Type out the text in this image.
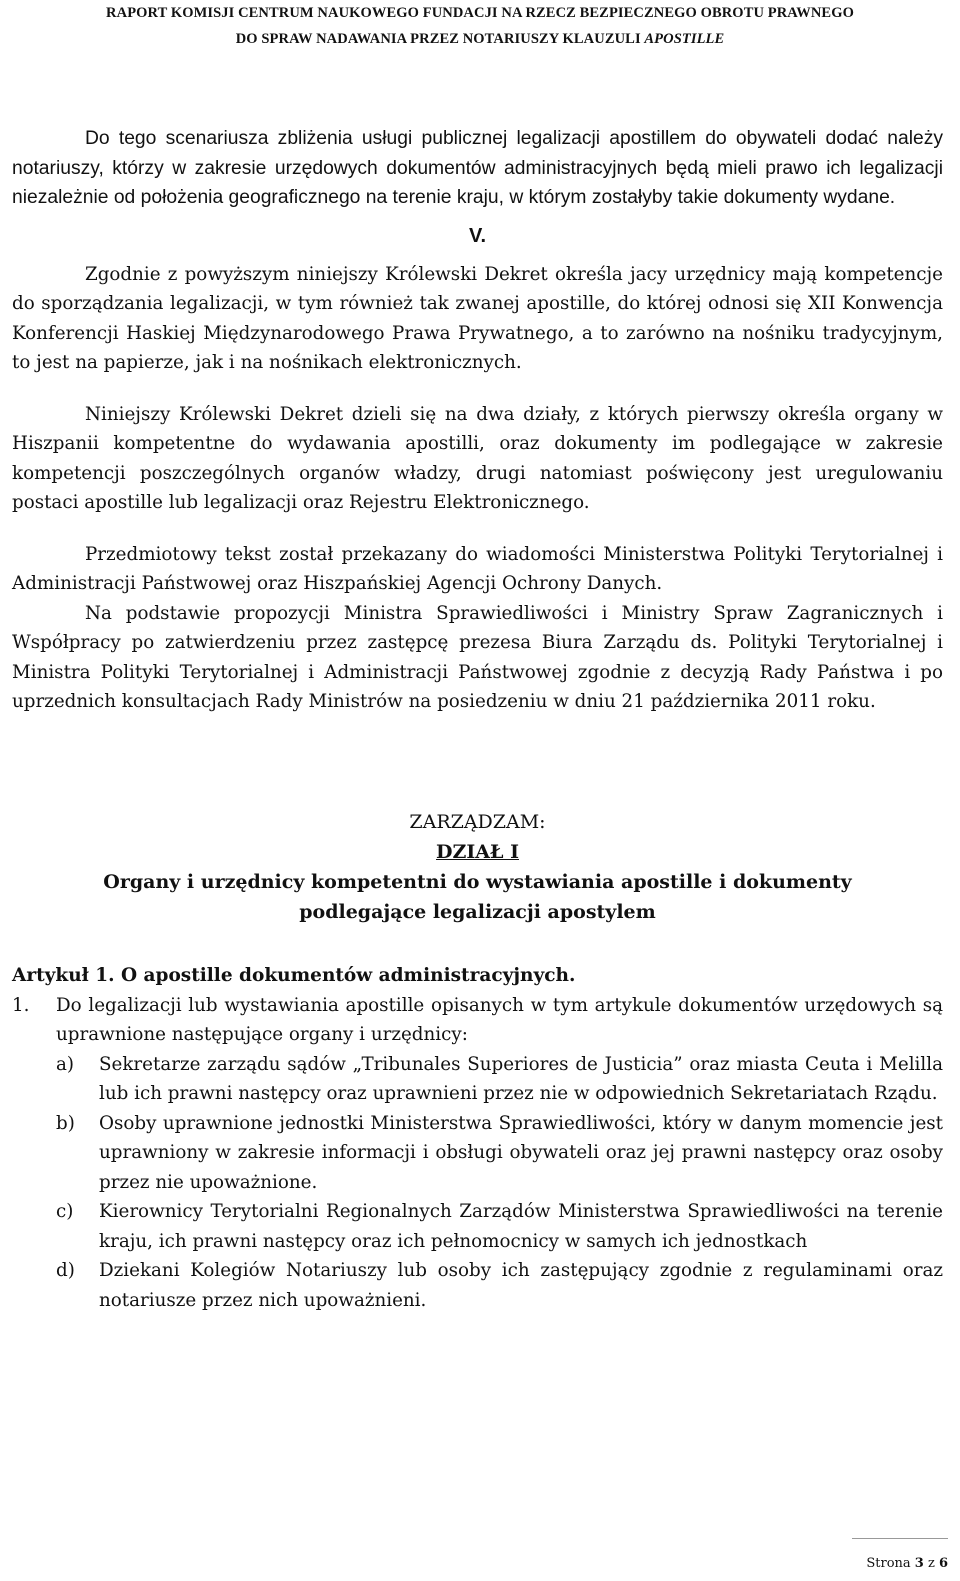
RAPORT KOMISJI CENTRUM NAUKOWEGO FUNDACJI NA RZECZ BEZPIECZNEGO OBROTU PRAWNEGO
DO SPRAW NADAWANIA PRZEZ NOTARIUSZY KLAUZULI APOSTILLE

Do tego scenariusza zbliżenia usługi publicznej legalizacji apostillem do obywateli dodać należy notariuszy, którzy w zakresie urzędowych dokumentów administracyjnych będą mieli prawo ich legalizacji niezależnie od położenia geograficznego na terenie kraju, w którym zostałyby takie dokumenty wydane.

V.

Zgodnie z powyższym niniejszy Królewski Dekret określa jacy urzędnicy mają kompetencje do sporządzania legalizacji, w tym również tak zwanej apostille, do której odnosi się XII Konwencja Konferencji Haskiej Międzynarodowego Prawa Prywatnego, a to zarówno na nośniku tradycyjnym, to jest na papierze, jak i na nośnikach elektronicznych.

Niniejszy Królewski Dekret dzieli się na dwa działy, z których pierwszy określa organy w Hiszpanii kompetentne do wydawania apostilli, oraz dokumenty im podlegające w zakresie kompetencji poszczególnych organów władzy, drugi natomiast poświęcony jest uregulowaniu postaci apostille lub legalizacji oraz Rejestru Elektronicznego.

Przedmiotowy tekst został przekazany do wiadomości Ministerstwa Polityki Terytorialnej i Administracji Państwowej oraz Hiszpańskiej Agencji Ochrony Danych.

Na podstawie propozycji Ministra Sprawiedliwości i Ministry Spraw Zagranicznych i Współpracy po zatwierdzeniu przez zastępcę prezesa Biura Zarządu ds. Polityki Terytorialnej i Ministra Polityki Terytorialnej i Administracji Państwowej zgodnie z decyzją Rady Państwa i po uprzednich konsultacjach Rady Ministrów na posiedzeniu w dniu 21 października 2011 roku.

ZARZĄDZAM:
DZIAŁ I
Organy i urzędnicy kompetentni do wystawiania apostille i dokumenty
podlegające legalizacji apostylem
Artykuł 1. O apostille dokumentów administracyjnych.
1.	Do legalizacji lub wystawiania apostille opisanych w tym artykule dokumentów urzędowych są uprawnione następujące organy i urzędnicy:
a)	Sekretarze zarządu sądów „Tribunales Superiores de Justicia” oraz miasta Ceuta i Melilla lub ich prawni następcy oraz uprawnieni przez nie w odpowiednich Sekretariatach Rządu.
b)	Osoby uprawnione jednostki Ministerstwa Sprawiedliwości, który w danym momencie jest uprawniony w zakresie informacji i obsługi obywateli oraz jej prawni następcy oraz osoby przez nie upoważnione.
c)	Kierownicy Terytorialni Regionalnych Zarządów Ministerstwa Sprawiedliwości na terenie kraju, ich prawni następcy oraz ich pełnomocnicy w samych ich jednostkach
d)	Dziekani Kolegiów Notariuszy lub osoby ich zastępujący zgodnie z regulaminami oraz notariusze przez nich upoważnieni.
Strona 3 z 6
